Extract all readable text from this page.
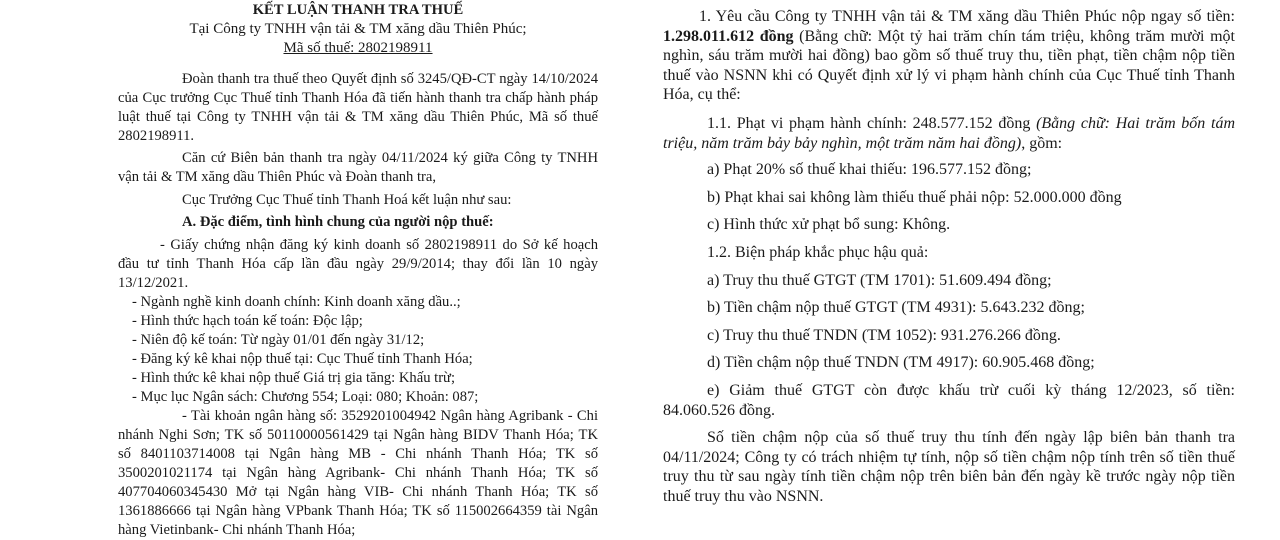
KẾT LUẬN THANH TRA THUẾ
Tại Công ty TNHH vận tải & TM xăng dầu Thiên Phúc;
Mã số thuế: 2802198911
Đoàn thanh tra thuế theo Quyết định số 3245/QĐ-CT ngày 14/10/2024 của Cục trưởng Cục Thuế tỉnh Thanh Hóa đã tiến hành thanh tra chấp hành pháp luật thuế tại Công ty TNHH vận tải & TM xăng dầu Thiên Phúc, Mã số thuế 2802198911.
Căn cứ Biên bản thanh tra ngày 04/11/2024 ký giữa Công ty TNHH vận tải & TM xăng dầu Thiên Phúc và Đoàn thanh tra,
Cục Trưởng Cục Thuế tỉnh Thanh Hoá kết luận như sau:
A. Đặc điểm, tình hình chung của người nộp thuế:
- Giấy chứng nhận đăng ký kinh doanh số 2802198911 do Sở kế hoạch đầu tư tỉnh Thanh Hóa cấp lần đầu ngày 29/9/2014; thay đổi lần 10 ngày 13/12/2021.
- Ngành nghề kinh doanh chính: Kinh doanh xăng dầu..;
- Hình thức hạch toán kế toán: Độc lập;
- Niên độ kế toán: Từ ngày 01/01 đến ngày 31/12;
- Đăng ký kê khai nộp thuế tại: Cục Thuế tỉnh Thanh Hóa;
- Hình thức kê khai nộp thuế Giá trị gia tăng: Khấu trừ;
- Mục lục Ngân sách: Chương 554; Loại: 080; Khoản: 087;
- Tài khoản ngân hàng số: 3529201004942 Ngân hàng Agribank - Chi nhánh Nghi Sơn; TK số 50110000561429 tại Ngân hàng BIDV Thanh Hóa; TK số 8401103714008 tại Ngân hàng MB - Chi nhánh Thanh Hóa; TK số 3500201021174 tại Ngân hàng Agribank- Chi nhánh Thanh Hóa; TK số 407704060345430 Mở tại Ngân hàng VIB- Chi nhánh Thanh Hóa; TK số 1361886666 tại Ngân hàng VPbank Thanh Hóa; TK số 115002664359 tài Ngân hàng Vietinbank- Chi nhánh Thanh Hóa;
1. Yêu cầu Công ty TNHH vận tải & TM xăng dầu Thiên Phúc nộp ngay số tiền: 1.298.011.612 đồng (Bằng chữ: Một tỷ hai trăm chín tám triệu, không trăm mười một nghìn, sáu trăm mười hai đồng) bao gồm số thuế truy thu, tiền phạt, tiền chậm nộp tiền thuế vào NSNN khi có Quyết định xử lý vi phạm hành chính của Cục Thuế tỉnh Thanh Hóa, cụ thể:
1.1. Phạt vi phạm hành chính: 248.577.152 đồng (Bằng chữ: Hai trăm bốn tám triệu, năm trăm bảy bảy nghìn, một trăm năm hai đồng), gồm:
a) Phạt 20% số thuế khai thiếu: 196.577.152 đồng;
b) Phạt khai sai không làm thiếu thuế phải nộp: 52.000.000 đồng
c) Hình thức xử phạt bổ sung: Không.
1.2. Biện pháp khắc phục hậu quả:
a) Truy thu thuế GTGT (TM 1701): 51.609.494 đồng;
b) Tiền chậm nộp thuế GTGT (TM 4931): 5.643.232 đồng;
c) Truy thu thuế TNDN (TM 1052): 931.276.266 đồng.
d) Tiền chậm nộp thuế TNDN (TM 4917): 60.905.468 đồng;
e) Giảm thuế GTGT còn được khấu trừ cuối kỳ tháng 12/2023, số tiền: 84.060.526 đồng.
Số tiền chậm nộp của số thuế truy thu tính đến ngày lập biên bản thanh tra 04/11/2024; Công ty có trách nhiệm tự tính, nộp số tiền chậm nộp tính trên số tiền thuế truy thu từ sau ngày tính tiền chậm nộp trên biên bản đến ngày kề trước ngày nộp tiền thuế truy thu vào NSNN.
